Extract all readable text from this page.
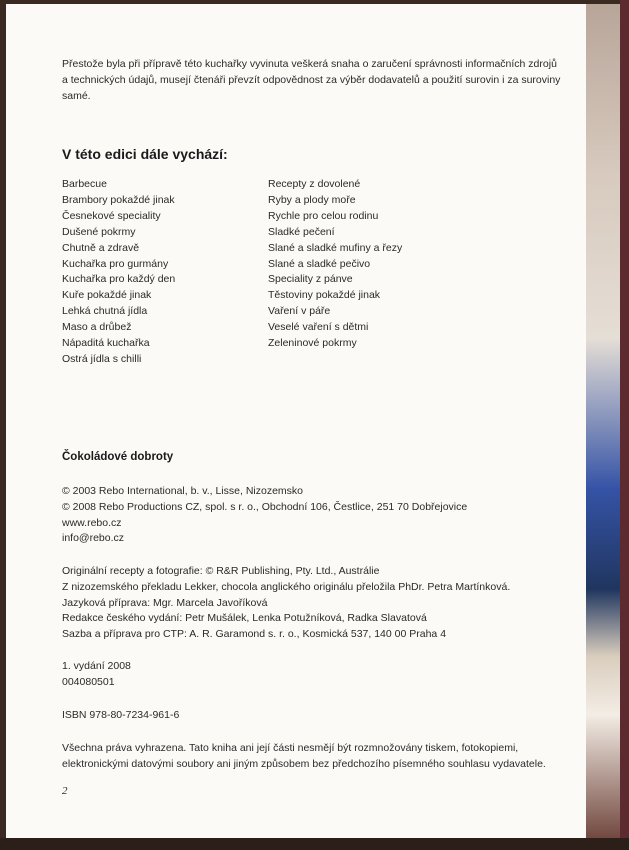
Přestože byla při přípravě této kuchařky vyvinuta veškerá snaha o zaručení správnosti informačních zdrojů

a technických údajů, musejí čtenáři převzít odpovědnost za výběr dodavatelů a použití surovin i za suroviny samé.

V této edici dále vychází:
Barbecue
Brambory pokaždé jinak
Česnekové speciality
Dušené pokrmy
Chutně a zdravě
Kuchařka pro gurmány
Kuchařka pro každý den
Kuře pokaždé jinak
Lehká chutná jídla
Maso a drůbež
Nápaditá kuchařka
Ostrá jídla s chilli
Recepty z dovolené
Ryby a plody moře
Rychle pro celou rodinu
Sladké pečení
Slané a sladké mufiny a řezy
Slané a sladké pečivo
Speciality z pánve
Těstoviny pokaždé jinak
Vaření v páře
Veselé vaření s dětmi
Zeleninové pokrmy
Čokoládové dobroty

© 2003 Rebo International, b. v., Lisse, Nizozemsko

© 2008 Rebo Productions CZ, spol. s r. o., Obchodní 106, Čestlice, 251 70 Dobřejovice

www.rebo.cz

info@rebo.cz

Originální recepty a fotografie: © R&R Publishing, Pty. Ltd., Austrálie

Z nizozemského překladu Lekker, chocola anglického originálu přeložila PhDr. Petra Martínková.

Jazyková příprava: Mgr. Marcela Javoříková

Redakce českého vydání: Petr Mušálek, Lenka Potužníková, Radka Slavatová

Sazba a příprava pro CTP: A. R. Garamond s. r. o., Kosmická 537, 140 00 Praha 4

1. vydání 2008

004080501

ISBN 978-80-7234-961-6

Všechna práva vyhrazena. Tato kniha ani její části nesmějí být rozmnožovány tiskem, fotokopiemi,

elektronickými datovými soubory ani jiným způsobem bez předchozího písemného souhlasu vydavatele.

2
